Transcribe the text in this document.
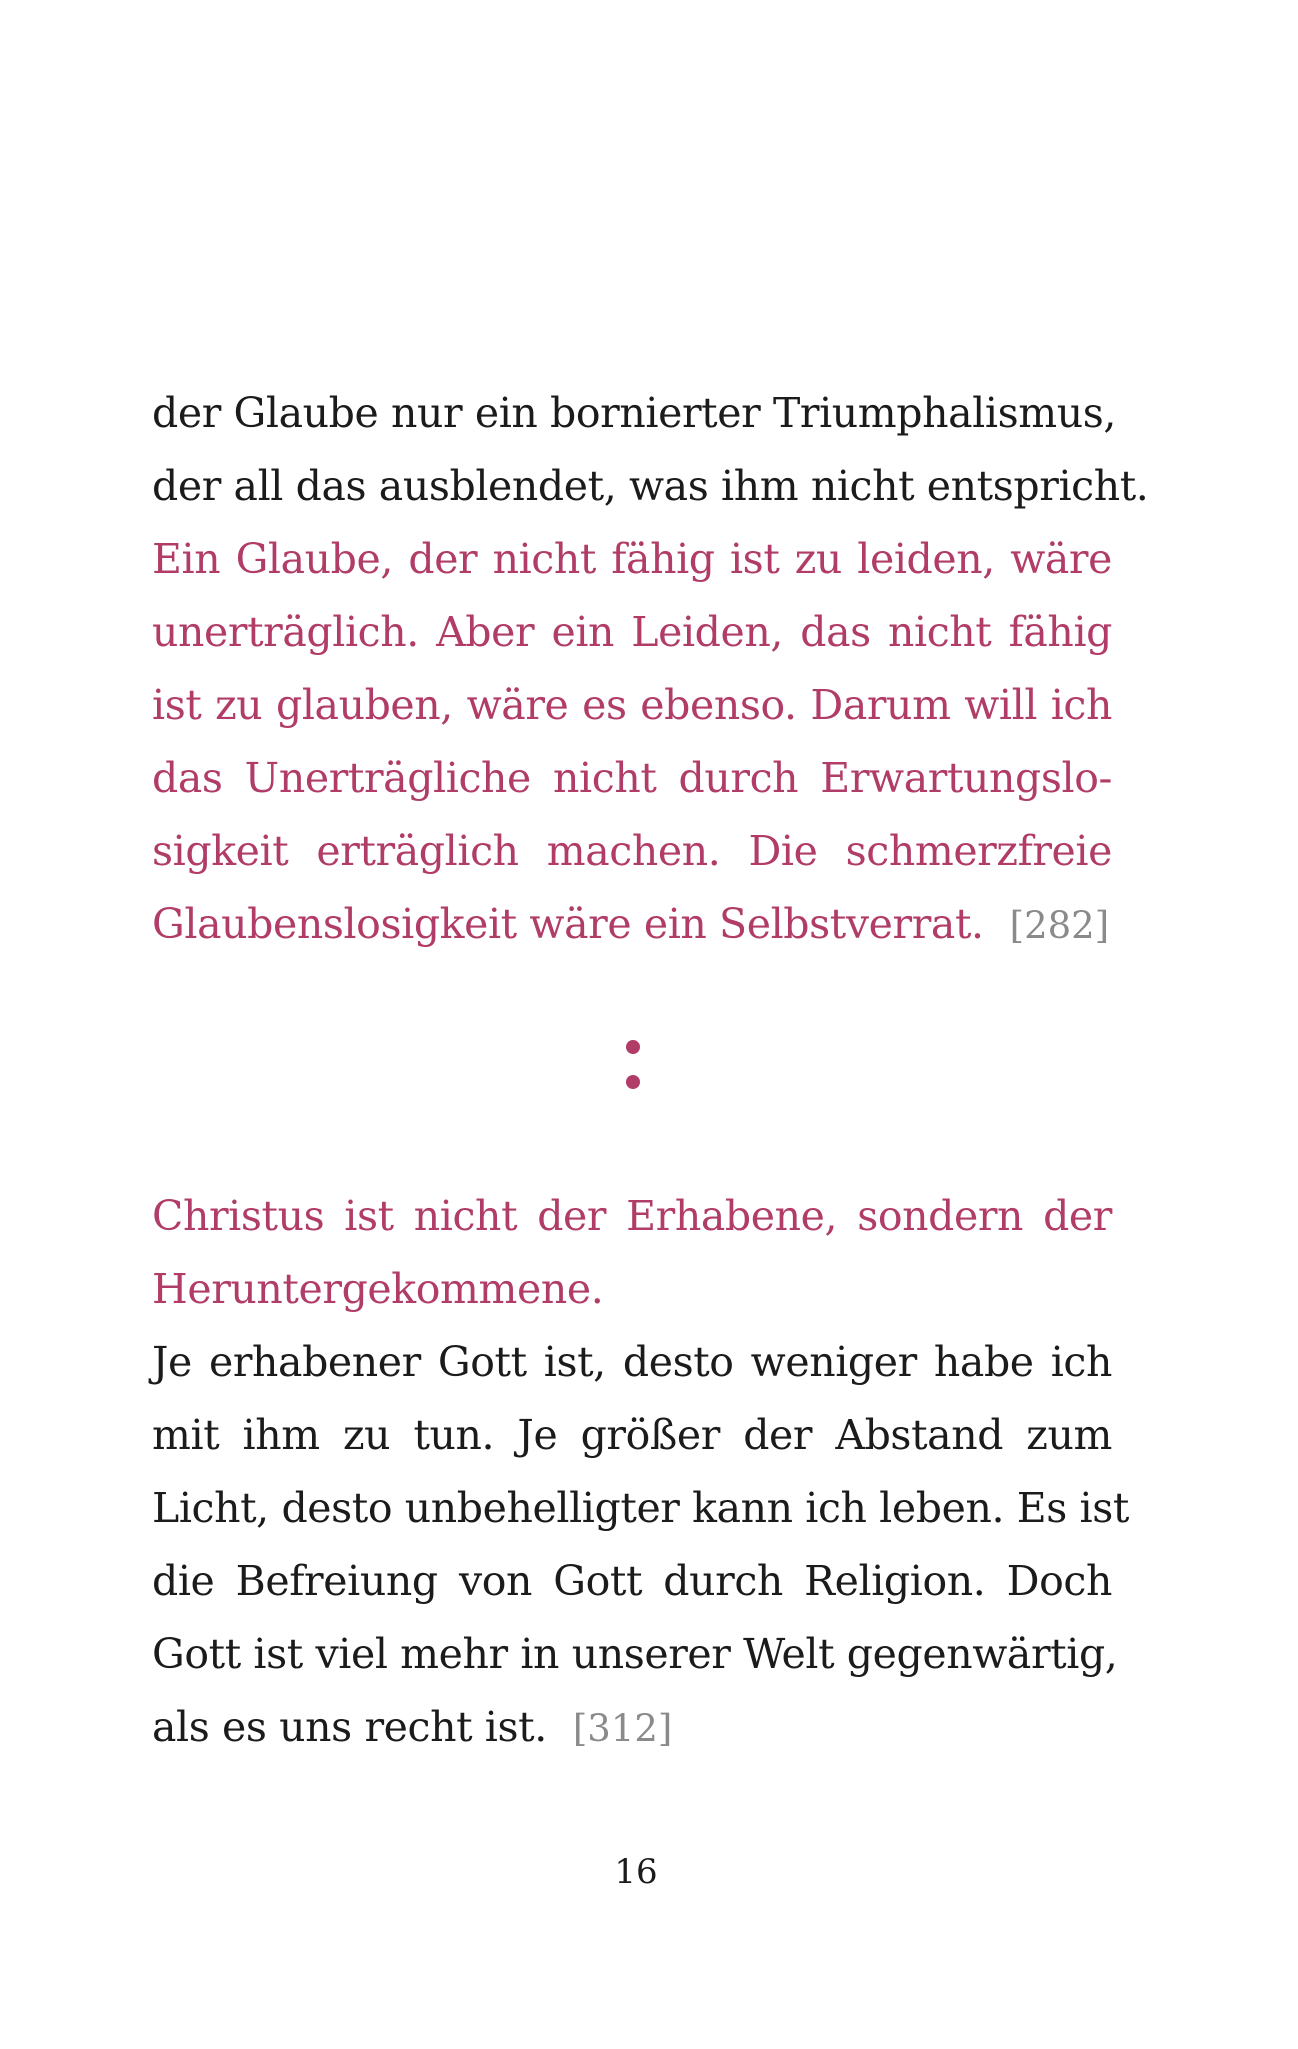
der Glaube nur ein bornierter Triumphalismus,
der all das ausblendet, was ihm nicht entspricht.
Ein Glaube, der nicht fähig ist zu leiden, wäre
unerträglich. Aber ein Leiden, das nicht fähig
ist zu glauben, wäre es ebenso. Darum will ich
das Unerträgliche nicht durch Erwartungslo-
sigkeit erträglich machen. Die schmerzfreie
Glaubenslosigkeit wäre ein Selbstverrat. [282]
Christus ist nicht der Erhabene, sondern der
Heruntergekommene.
Je erhabener Gott ist, desto weniger habe ich
mit ihm zu tun. Je größer der Abstand zum
Licht, desto unbehelligter kann ich leben. Es ist
die Befreiung von Gott durch Religion. Doch
Gott ist viel mehr in unserer Welt gegenwärtig,
als es uns recht ist. [312]
16
